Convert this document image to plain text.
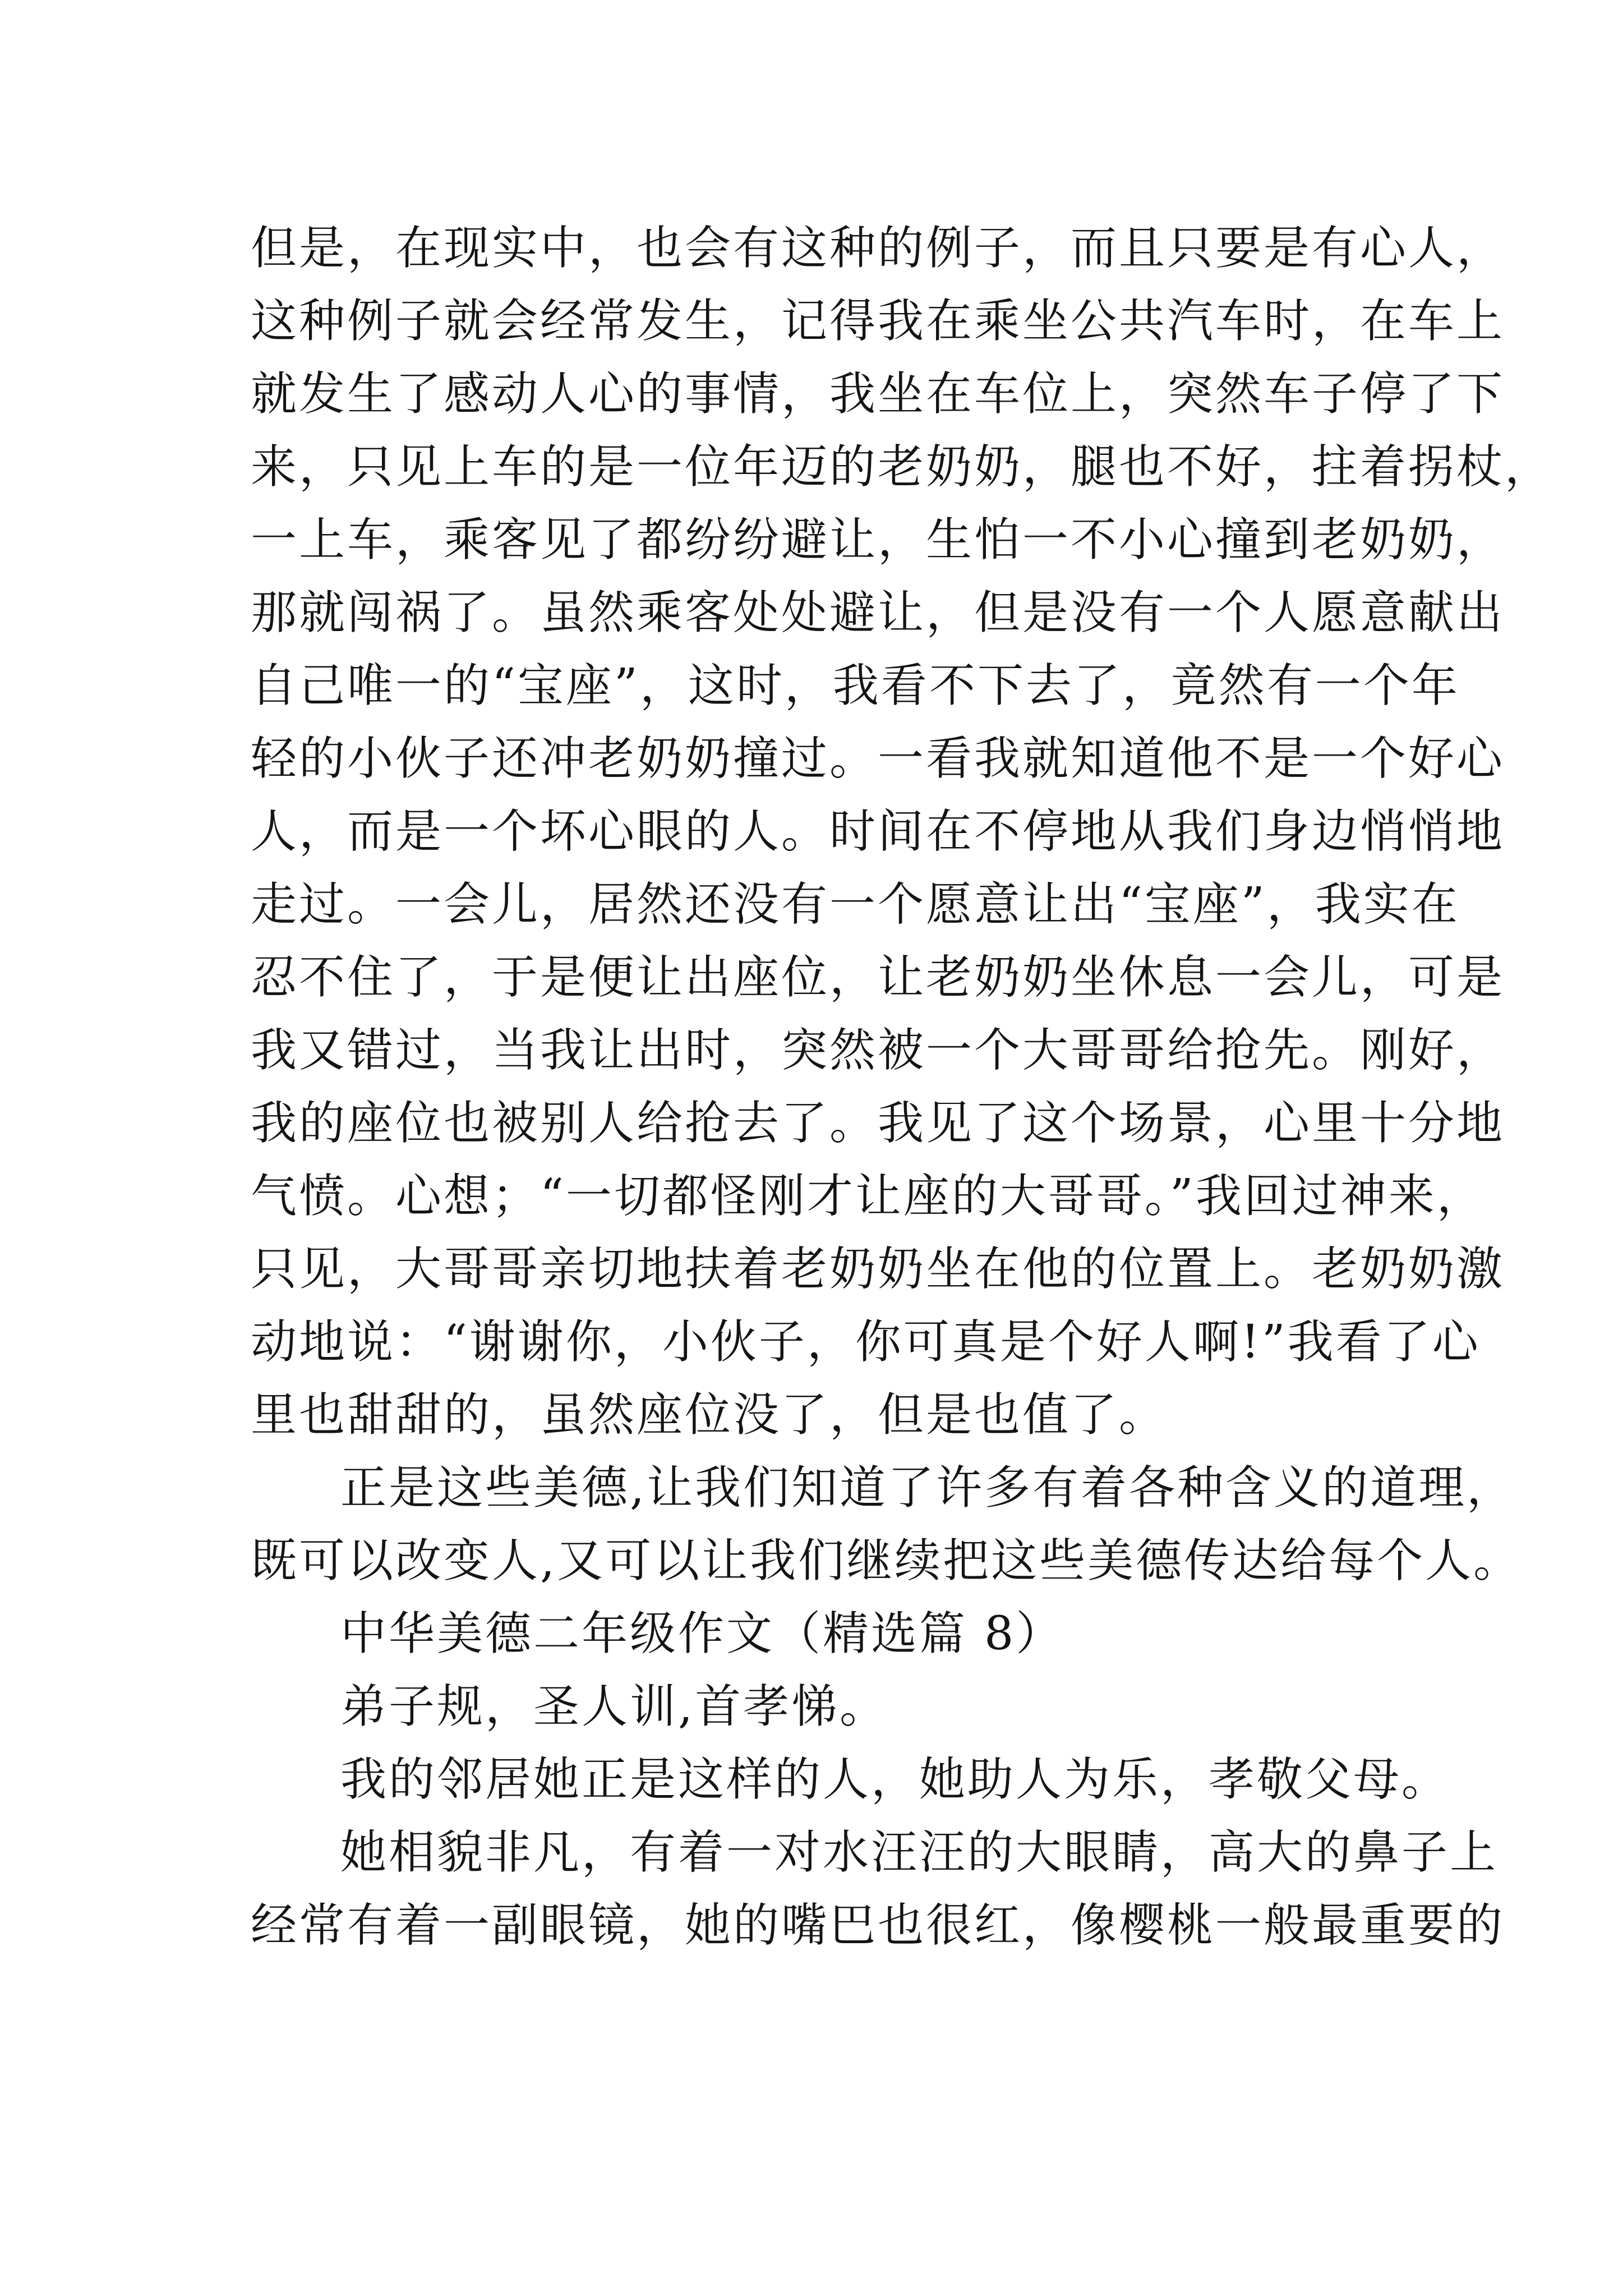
但是，在现实中，也会有这种的例子，而且只要是有心人，
这种例子就会经常发生，记得我在乘坐公共汽车时，在车上
就发生了感动人心的事情，我坐在车位上，突然车子停了下
来，只见上车的是一位年迈的老奶奶，腿也不好，拄着拐杖，
一上车，乘客见了都纷纷避让，生怕一不小心撞到老奶奶，
那就闯祸了。虽然乘客处处避让，但是没有一个人愿意献出
自己唯一的“宝座”，这时，我看不下去了，竟然有一个年
轻的小伙子还冲老奶奶撞过。一看我就知道他不是一个好心
人，而是一个坏心眼的人。时间在不停地从我们身边悄悄地
走过。一会儿，居然还没有一个愿意让出“宝座”，我实在
忍不住了，于是便让出座位，让老奶奶坐休息一会儿，可是
我又错过，当我让出时，突然被一个大哥哥给抢先。刚好，
我的座位也被别人给抢去了。我见了这个场景，心里十分地
气愤。心想；“一切都怪刚才让座的大哥哥。”我回过神来，
只见，大哥哥亲切地扶着老奶奶坐在他的位置上。老奶奶激
动地说：“谢谢你，小伙子，你可真是个好人啊!”我看了心
里也甜甜的，虽然座位没了，但是也值了。
正是这些美德,让我们知道了许多有着各种含义的道理，
既可以改变人,又可以让我们继续把这些美德传达给每个人。
中华美德二年级作文（精选篇 8）
弟子规，圣人训,首孝悌。
我的邻居她正是这样的人，她助人为乐，孝敬父母。
她相貌非凡，有着一对水汪汪的大眼睛，高大的鼻子上
经常有着一副眼镜，她的嘴巴也很红，像樱桃一般最重要的
